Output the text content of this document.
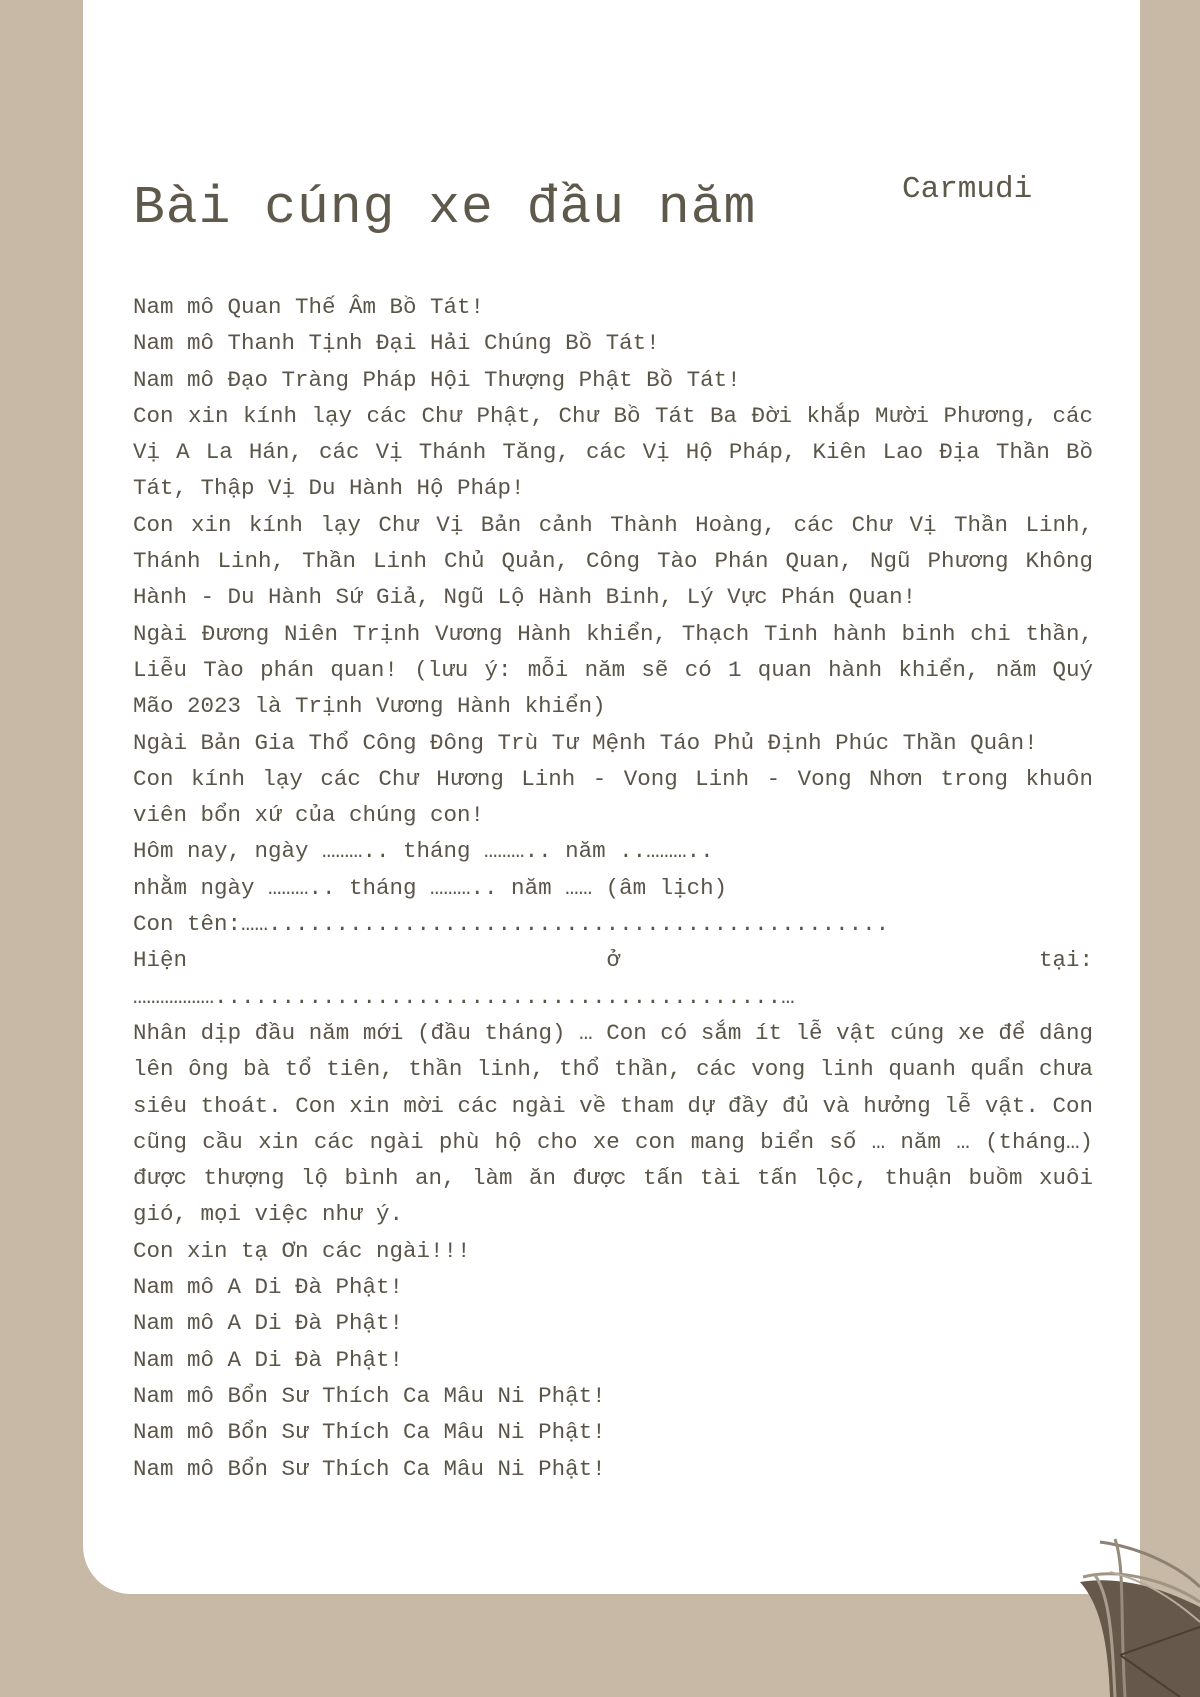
Bài cúng xe đầu năm	Carmudi
Nam mô Quan Thế Âm Bồ Tát!
Nam mô Thanh Tịnh Đại Hải Chúng Bồ Tát!
Nam mô Đạo Tràng Pháp Hội Thượng Phật Bồ Tát!
Con xin kính lạy các Chư Phật, Chư Bồ Tát Ba Đời khắp Mười Phương, các Vị A La Hán, các Vị Thánh Tăng, các Vị Hộ Pháp, Kiên Lao Địa Thần Bồ Tát, Thập Vị Du Hành Hộ Pháp!
Con xin kính lạy Chư Vị Bản cảnh Thành Hoàng, các Chư Vị Thần Linh, Thánh Linh, Thần Linh Chủ Quản, Công Tào Phán Quan, Ngũ Phương Không Hành - Du Hành Sứ Giả, Ngũ Lộ Hành Binh, Lý Vực Phán Quan!
Ngài Đương Niên Trịnh Vương Hành khiển, Thạch Tinh hành binh chi thần, Liễu Tào phán quan! (lưu ý: mỗi năm sẽ có 1 quan hành khiển, năm Quý Mão 2023 là Trịnh Vương Hành khiển)
Ngài Bản Gia Thổ Công Đông Trù Tư Mệnh Táo Phủ Định Phúc Thần Quân!
Con kính lạy các Chư Hương Linh - Vong Linh - Vong Nhơn trong khuôn viên bổn xứ của chúng con!
Hôm nay, ngày ……….. tháng ……….. năm ..………..
nhằm ngày ……….. tháng ……….. năm …… (âm lịch)
Con tên:……..............................................
Hiện	ở	tại:
………………..........................................…
Nhân dịp đầu năm mới (đầu tháng) … Con có sắm ít lễ vật cúng xe để dâng lên ông bà tổ tiên, thần linh, thổ thần, các vong linh quanh quẩn chưa siêu thoát. Con xin mời các ngài về tham dự đầy đủ và hưởng lễ vật. Con cũng cầu xin các ngài phù hộ cho xe con mang biển số … năm … (tháng…) được thượng lộ bình an, làm ăn được tấn tài tấn lộc, thuận buồm xuôi gió, mọi việc như ý.
Con xin tạ Ơn các ngài!!!
Nam mô A Di Đà Phật!
Nam mô A Di Đà Phật!
Nam mô A Di Đà Phật!
Nam mô Bổn Sư Thích Ca Mâu Ni Phật!
Nam mô Bổn Sư Thích Ca Mâu Ni Phật!
Nam mô Bổn Sư Thích Ca Mâu Ni Phật!
